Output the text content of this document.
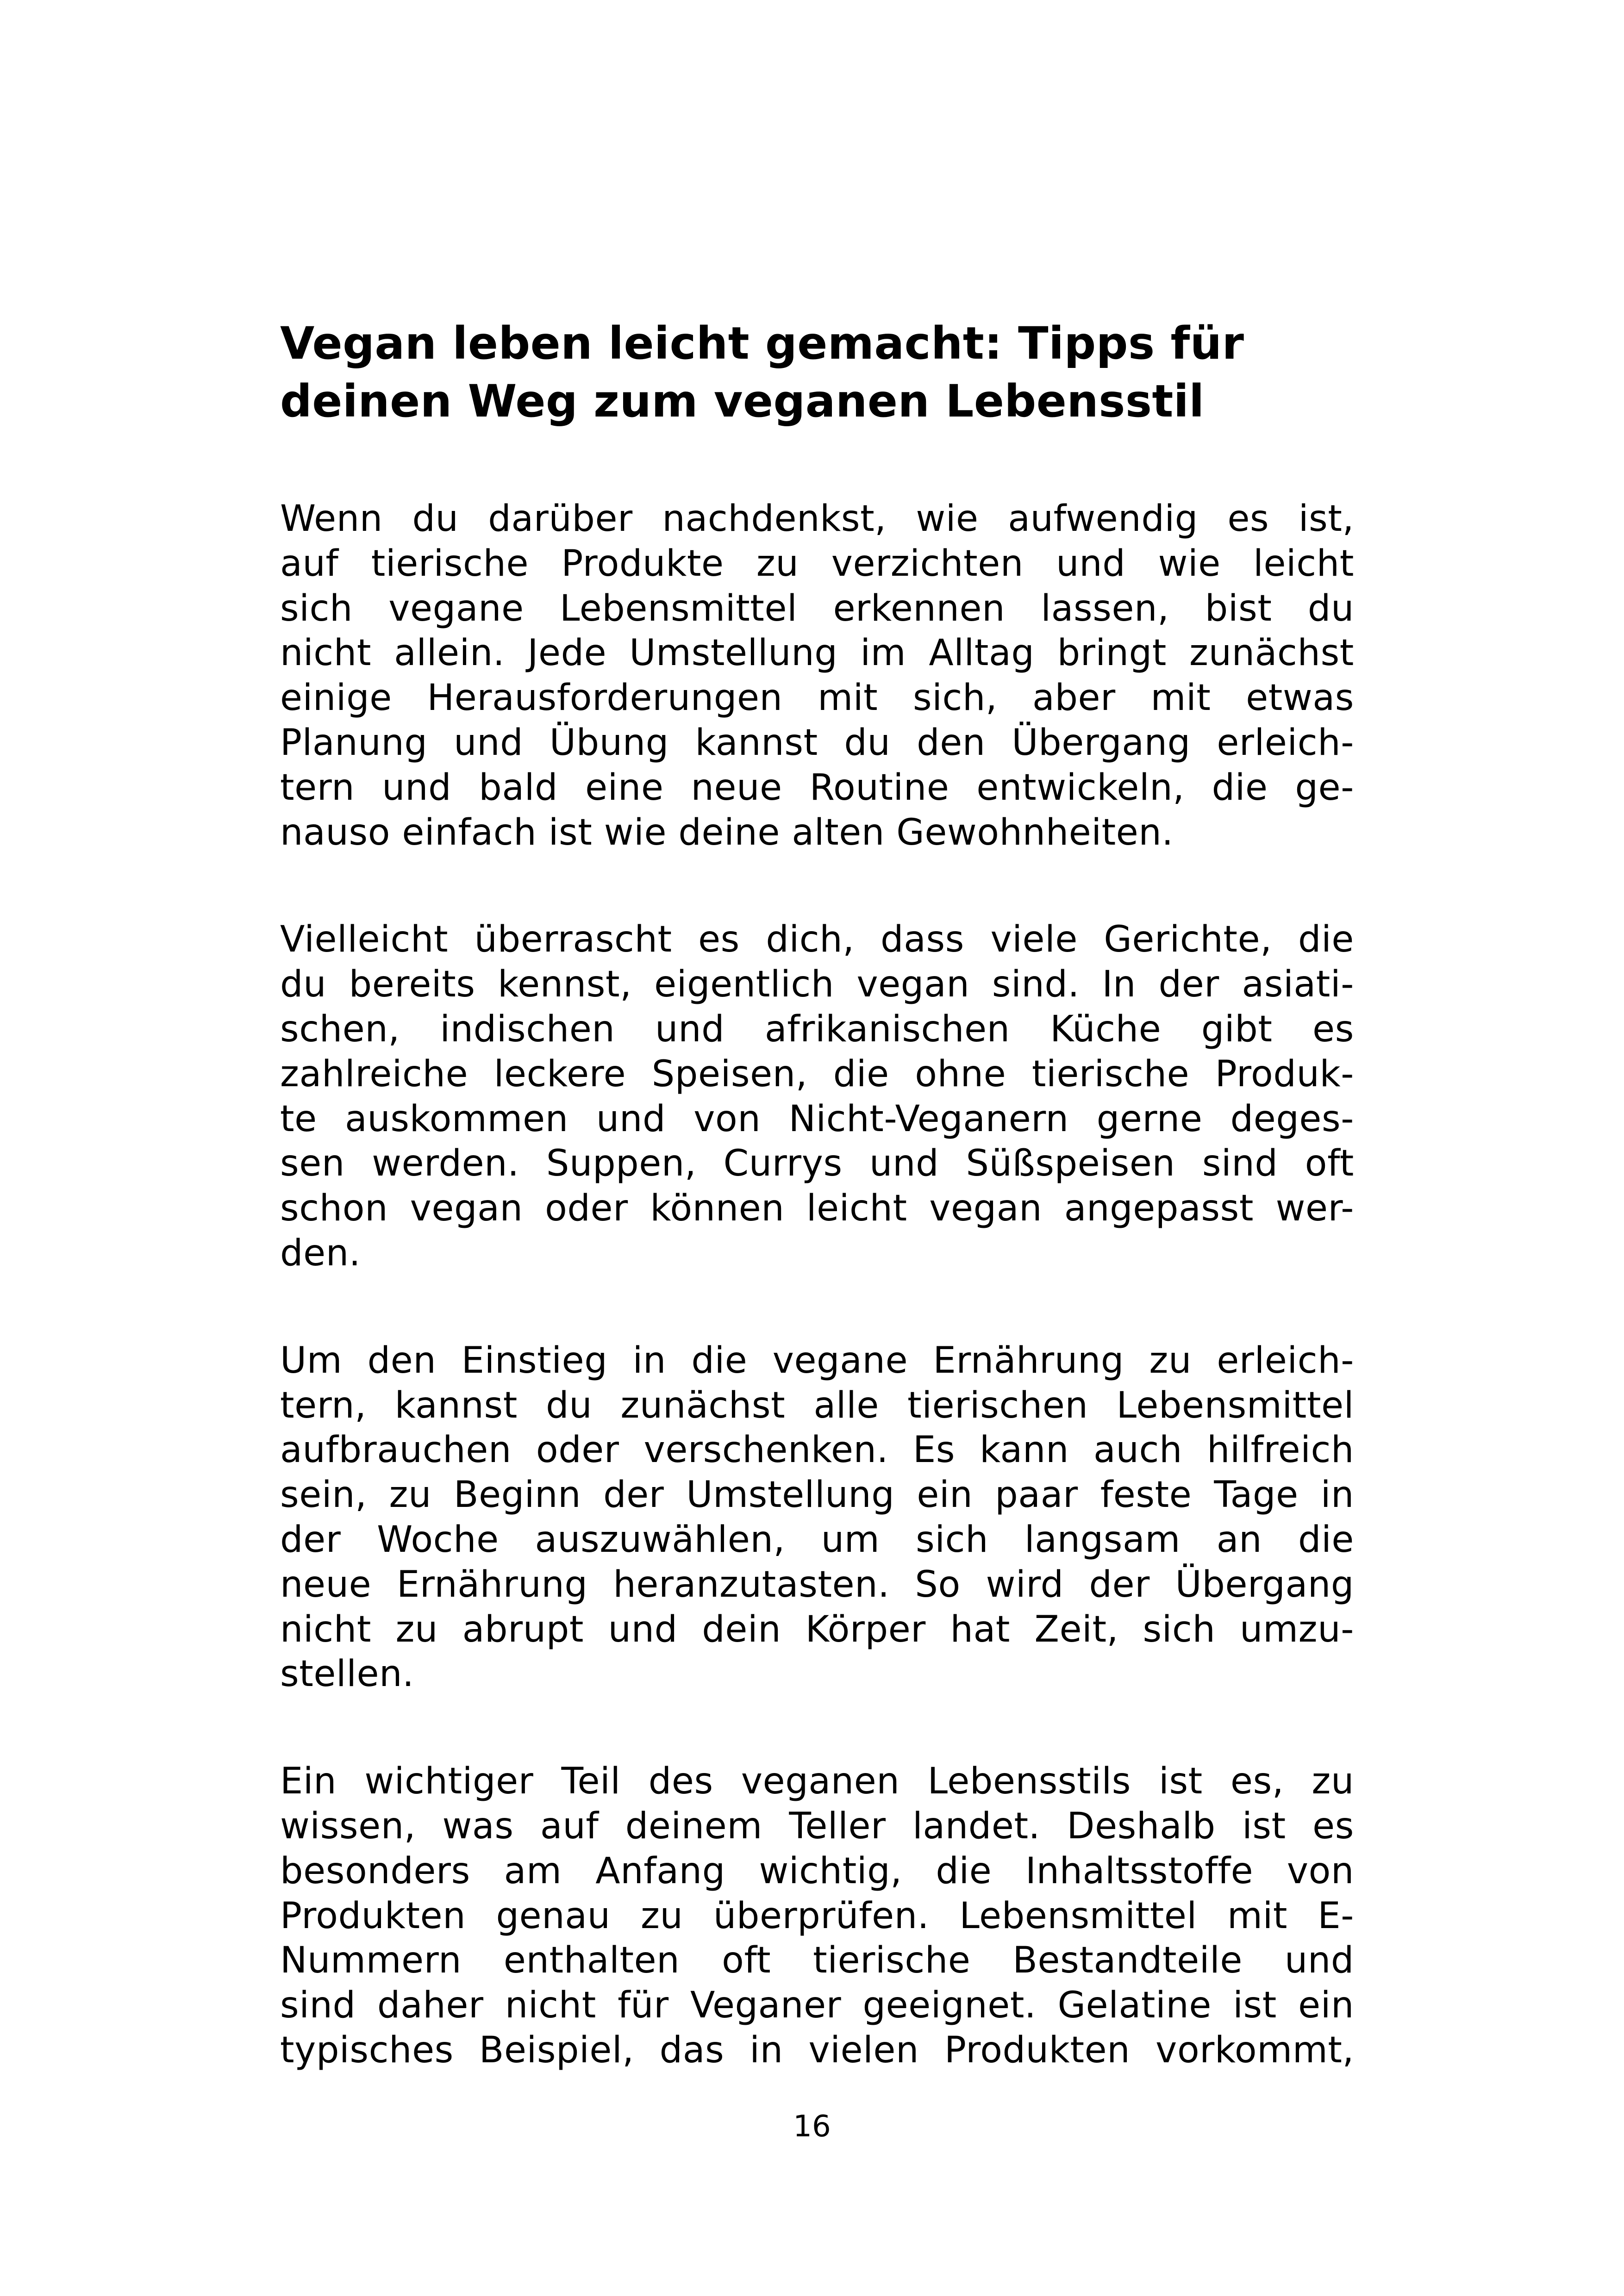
Vegan leben leicht gemacht: Tipps für
deinen Weg zum veganen Lebensstil

Wenn du darüber nachdenkst, wie aufwendig es ist,
auf tierische Produkte zu verzichten und wie leicht
sich vegane Lebensmittel erkennen lassen, bist du
nicht allein. Jede Umstellung im Alltag bringt zunächst
einige Herausforderungen mit sich, aber mit etwas
Planung und Übung kannst du den Übergang erleich-
tern und bald eine neue Routine entwickeln, die ge-
nauso einfach ist wie deine alten Gewohnheiten.

Vielleicht überrascht es dich, dass viele Gerichte, die
du bereits kennst, eigentlich vegan sind. In der asiati-
schen, indischen und afrikanischen Küche gibt es
zahlreiche leckere Speisen, die ohne tierische Produk-
te auskommen und von Nicht-Veganern gerne deges-
sen werden. Suppen, Currys und Süßspeisen sind oft
schon vegan oder können leicht vegan angepasst wer-
den.

Um den Einstieg in die vegane Ernährung zu erleich-
tern, kannst du zunächst alle tierischen Lebensmittel
aufbrauchen oder verschenken. Es kann auch hilfreich
sein, zu Beginn der Umstellung ein paar feste Tage in
der Woche auszuwählen, um sich langsam an die
neue Ernährung heranzutasten. So wird der Übergang
nicht zu abrupt und dein Körper hat Zeit, sich umzu-
stellen.

Ein wichtiger Teil des veganen Lebensstils ist es, zu
wissen, was auf deinem Teller landet. Deshalb ist es
besonders am Anfang wichtig, die Inhaltsstoffe von
Produkten genau zu überprüfen. Lebensmittel mit E-
Nummern enthalten oft tierische Bestandteile und
sind daher nicht für Veganer geeignet. Gelatine ist ein
typisches Beispiel, das in vielen Produkten vorkommt,

16
